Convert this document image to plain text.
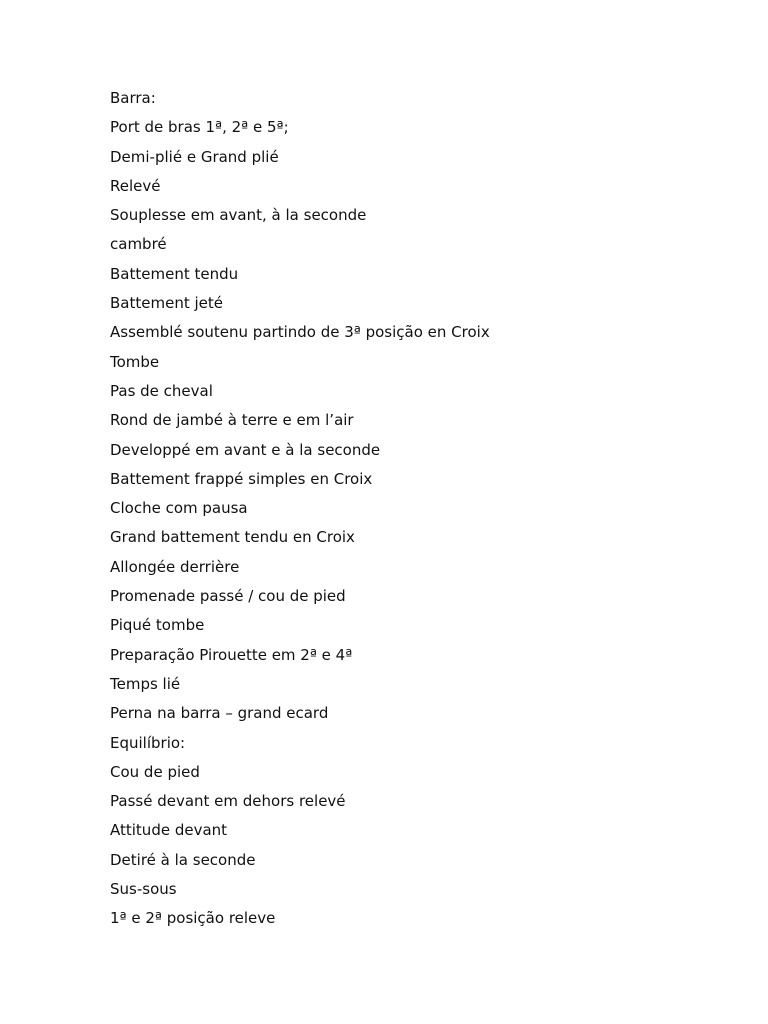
Barra:
Port de bras 1ª, 2ª e 5ª;
Demi-plié e Grand plié
Relevé
Souplesse em avant, à la seconde
cambré
Battement tendu
Battement jeté
Assemblé soutenu partindo de 3ª posição en Croix
Tombe
Pas de cheval
Rond de jambé à terre e em l’air
Developpé em avant e à la seconde
Battement frappé simples en Croix
Cloche com pausa
Grand battement tendu en Croix
Allongée derrière
Promenade passé / cou de pied
Piqué tombe
Preparação Pirouette em 2ª e 4ª
Temps lié
Perna na barra – grand ecard
Equilíbrio:
Cou de pied
Passé devant em dehors relevé
Attitude devant
Detiré à la seconde
Sus-sous
1ª e 2ª posição releve
